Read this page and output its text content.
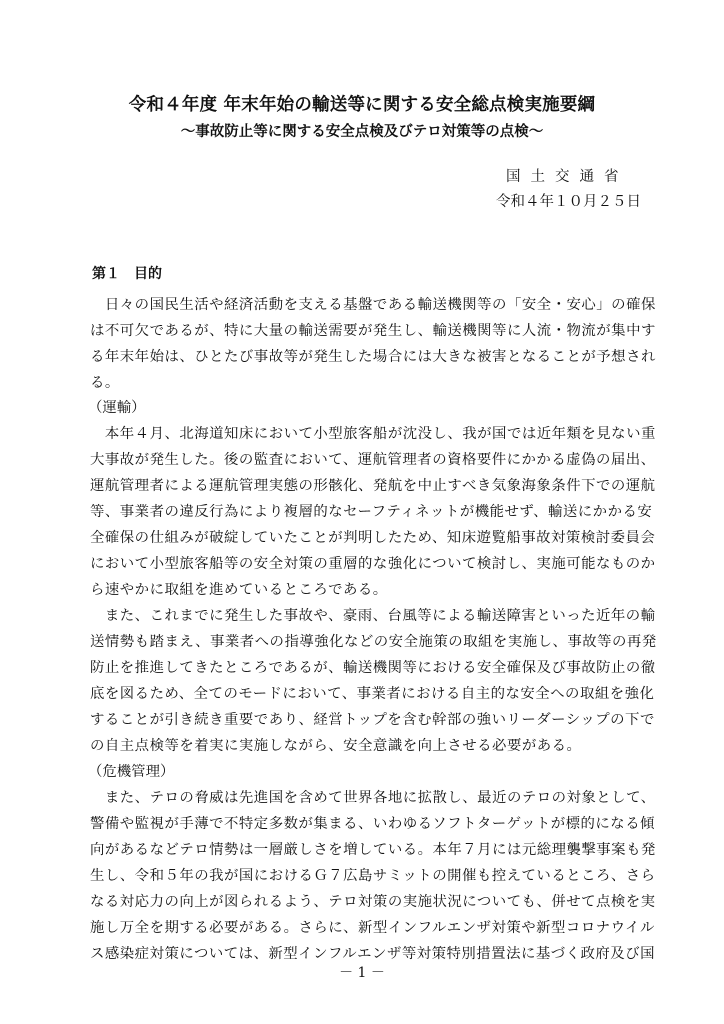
令和４年度 年末年始の輸送等に関する安全総点検実施要綱
～事故防止等に関する安全点検及びテロ対策等の点検～
国土交通省
令和４年１０月２５日
第１　目的
　日々の国民生活や経済活動を支える基盤である輸送機関等の「安全・安心」の確保
は不可欠であるが、特に大量の輸送需要が発生し、輸送機関等に人流・物流が集中す
る年末年始は、ひとたび事故等が発生した場合には大きな被害となることが予想され
る。
（運輸）
　本年４月、北海道知床において小型旅客船が沈没し、我が国では近年類を見ない重
大事故が発生した。後の監査において、運航管理者の資格要件にかかる虚偽の届出、
運航管理者による運航管理実態の形骸化、発航を中止すべき気象海象条件下での運航
等、事業者の違反行為により複層的なセーフティネットが機能せず、輸送にかかる安
全確保の仕組みが破綻していたことが判明したため、知床遊覧船事故対策検討委員会
において小型旅客船等の安全対策の重層的な強化について検討し、実施可能なものか
ら速やかに取組を進めているところである。
　また、これまでに発生した事故や、豪雨、台風等による輸送障害といった近年の輸
送情勢も踏まえ、事業者への指導強化などの安全施策の取組を実施し、事故等の再発
防止を推進してきたところであるが、輸送機関等における安全確保及び事故防止の徹
底を図るため、全てのモードにおいて、事業者における自主的な安全への取組を強化
することが引き続き重要であり、経営トップを含む幹部の強いリーダーシップの下で
の自主点検等を着実に実施しながら、安全意識を向上させる必要がある。
（危機管理）
　また、テロの脅威は先進国を含めて世界各地に拡散し、最近のテロの対象として、
警備や監視が手薄で不特定多数が集まる、いわゆるソフトターゲットが標的になる傾
向があるなどテロ情勢は一層厳しさを増している。本年７月には元総理襲撃事案も発
生し、令和５年の我が国におけるＧ７広島サミットの開催も控えているところ、さら
なる対応力の向上が図られるよう、テロ対策の実施状況についても、併せて点検を実
施し万全を期する必要がある。さらに、新型インフルエンザ対策や新型コロナウイル
ス感染症対策については、新型インフルエンザ等対策特別措置法に基づく政府及び国
－ 1 －
